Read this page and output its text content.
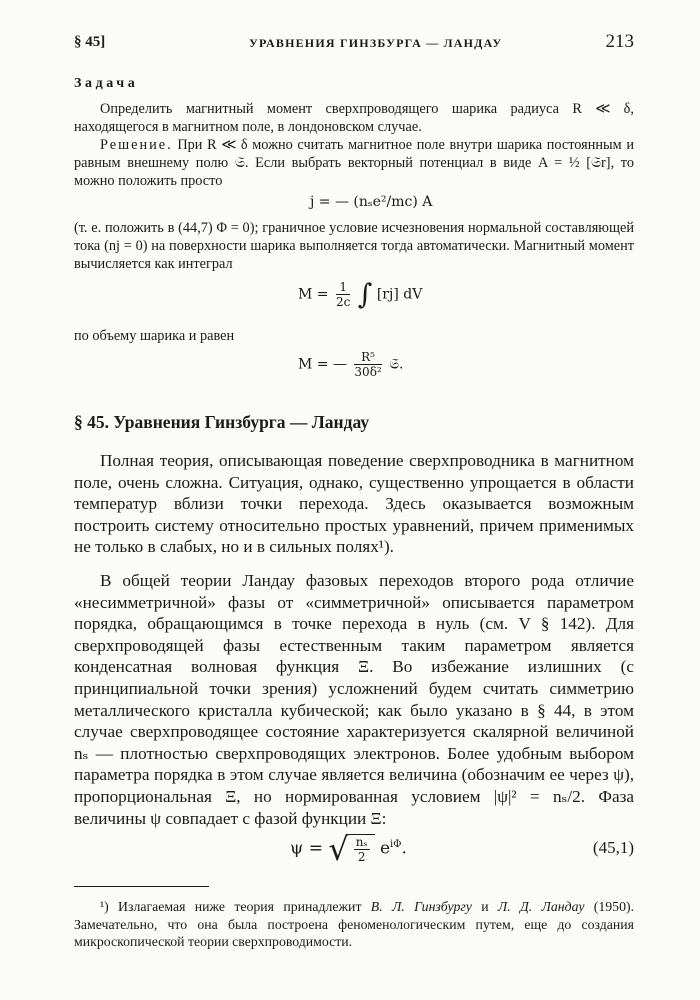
§ 45]	УРАВНЕНИЯ ГИНЗБУРГА — ЛАНДАУ	213
Задача

Определить магнитный момент сверхпроводящего шарика радиуса R ≪ δ, находящегося в магнитном поле, в лондоновском случае.

Решение. При R ≪ δ можно считать магнитное поле внутри шарика постоянным и равным внешнему полю 𝔖. Если выбрать векторный потенциал в виде A = ½ [𝔖r], то можно положить просто

j = — (nₛe²/mc) A

(т. е. положить в (44,7) Φ = 0); граничное условие исчезновения нормальной составляющей тока (nj = 0) на поверхности шарика выполняется тогда автоматически. Магнитный момент вычисляется как интеграл

$M = \frac{1}{2c}$ ∫ [rj] dV

по объему шарика и равен

M = — $\frac{\text{R⁵}}{\text{30δ²}}$ 𝔖.
§ 45. Уравнения Гинзбурга — Ландау

Полная теория, описывающая поведение сверхпроводника в магнитном поле, очень сложна. Ситуация, однако, существенно упрощается в области температур вблизи точки перехода. Здесь оказывается возможным построить систему относительно простых уравнений, причем применимых не только в слабых, но и в сильных полях¹).

В общей теории Ландау фазовых переходов второго рода отличие «несимметричной» фазы от «симметричной» описывается параметром порядка, обращающимся в точке перехода в нуль (см. V § 142). Для сверхпроводящей фазы естественным таким параметром является конденсатная волновая функция Ξ. Во избежание излишних (с принципиальной точки зрения) усложнений будем считать симметрию металлического кристалла кубической; как было указано в § 44, в этом случае сверхпроводящее состояние характеризуется скалярной величиной nₛ — плотностью сверхпроводящих электронов. Более удобным выбором параметра порядка в этом случае является величина (обозначим ее через ψ), пропорциональная Ξ, но нормированная условием |ψ|² = nₛ/2. Фаза величины ψ совпадает с фазой функции Ξ:

ψ = √ $\frac{\text{nₛ}}{2} e^{i\Phi}$.	(45,1)

¹) Излагаемая ниже теория принадлежит В. Л. Гинзбургу и Л. Д. Ландау (1950). Замечательно, что она была построена феноменологическим путем, еще до создания микроскопической теории сверхпроводимости.
